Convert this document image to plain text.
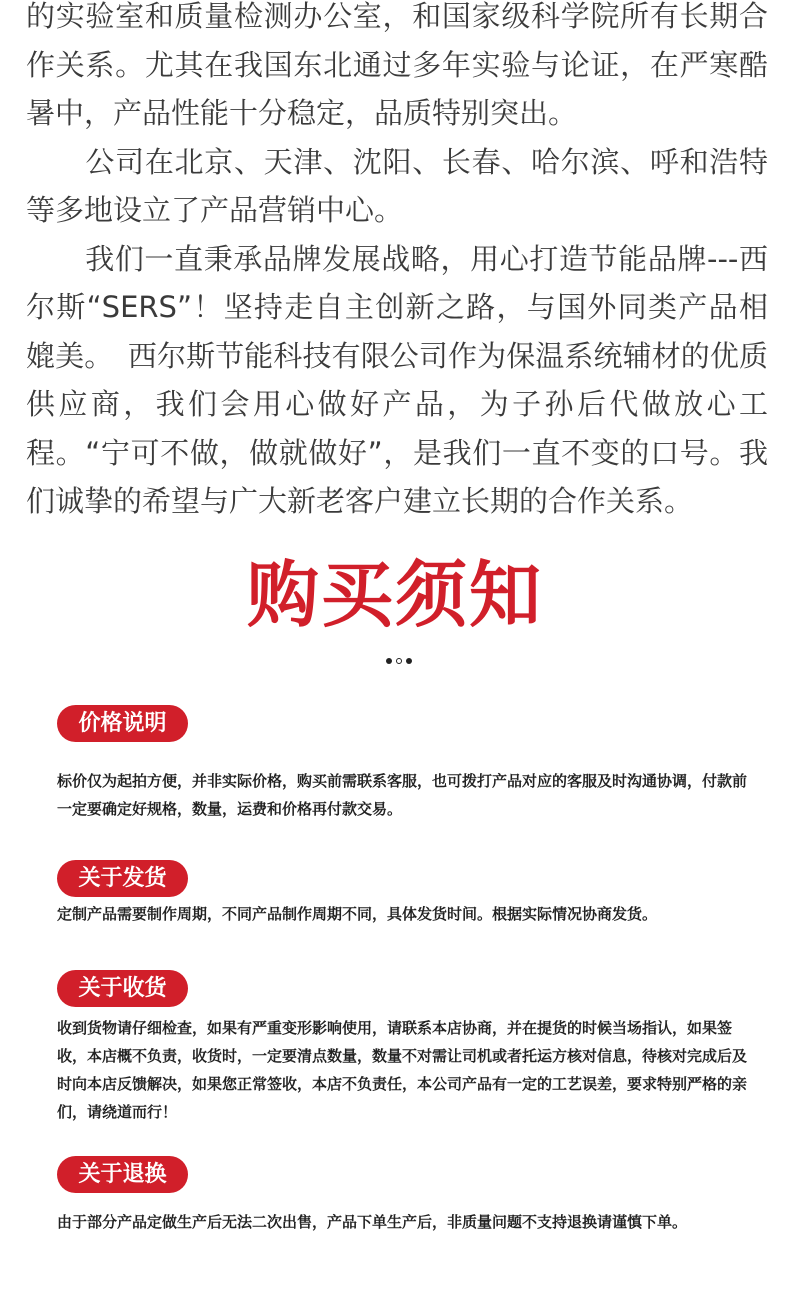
的实验室和质量检测办公室，和国家级科学院所有长期合作关系。尤其在我国东北通过多年实验与论证，在严寒酷暑中，产品性能十分稳定，品质特别突出。

　　公司在北京、天津、沈阳、长春、哈尔滨、呼和浩特等多地设立了产品营销中心。

　　我们一直秉承品牌发展战略，用心打造节能品牌---西尔斯“SERS”！坚持走自主创新之路，与国外同类产品相媲美。　西尔斯节能科技有限公司作为保温系统辅材的优质供应商，我们会用心做好产品，为子孙后代做放心工程。“宁可不做，做就做好”，是我们一直不变的口号。我们诚挚的希望与广大新老客户建立长期的合作关系。

购买须知
价格说明

标价仅为起拍方便，并非实际价格，购买前需联系客服，也可拨打产品对应的客服及时沟通协调，付款前一定要确定好规格，数量，运费和价格再付款交易。

关于发货

定制产品需要制作周期，不同产品制作周期不同，具体发货时间。根据实际情况协商发货。

关于收货

收到货物请仔细检查，如果有严重变形影响使用，请联系本店协商，并在提货的时候当场指认，如果签收，本店概不负责，收货时，一定要清点数量，数量不对需让司机或者托运方核对信息，待核对完成后及时向本店反馈解决，如果您正常签收，本店不负责任，本公司产品有一定的工艺误差，要求特别严格的亲们，请绕道而行！

关于退换

由于部分产品定做生产后无法二次出售，产品下单生产后，非质量问题不支持退换请谨慎下单。
